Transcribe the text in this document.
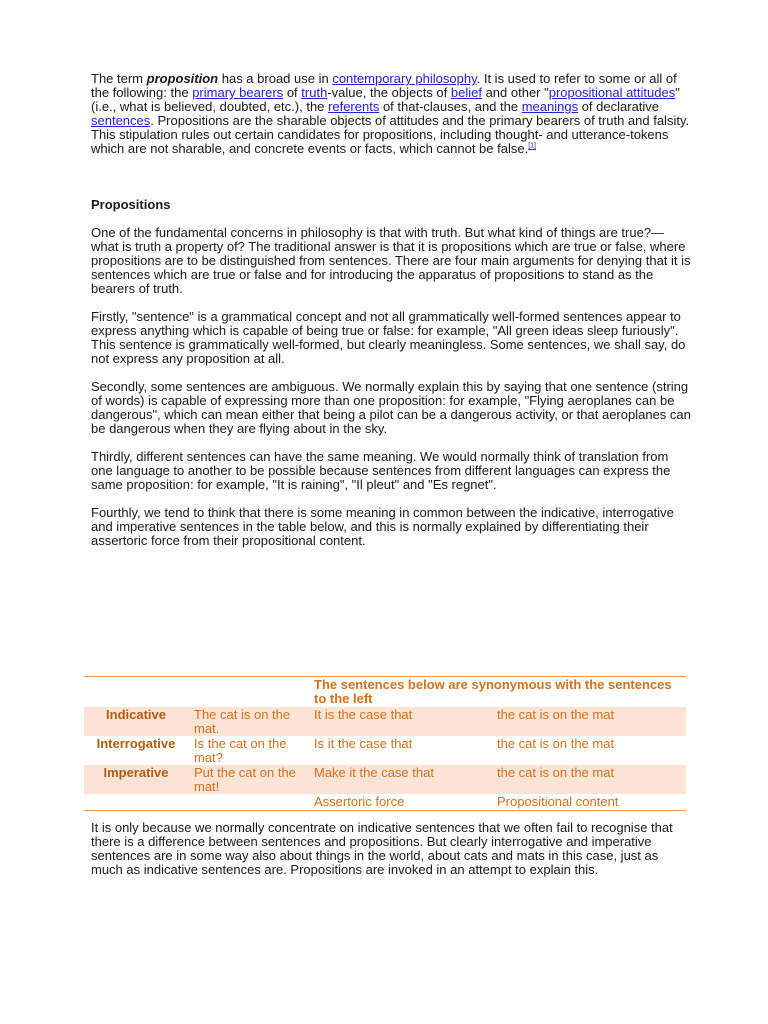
The term proposition has a broad use in contemporary philosophy. It is used to refer to some or all of the following: the primary bearers of truth-value, the objects of belief and other "propositional attitudes" (i.e., what is believed, doubted, etc.), the referents of that-clauses, and the meanings of declarative sentences. Propositions are the sharable objects of attitudes and the primary bearers of truth and falsity. This stipulation rules out certain candidates for propositions, including thought- and utterance-tokens which are not sharable, and concrete events or facts, which cannot be false.[1]

Propositions

One of the fundamental concerns in philosophy is that with truth. But what kind of things are true?—what is truth a property of? The traditional answer is that it is propositions which are true or false, where propositions are to be distinguished from sentences. There are four main arguments for denying that it is sentences which are true or false and for introducing the apparatus of propositions to stand as the bearers of truth.

Firstly, "sentence" is a grammatical concept and not all grammatically well-formed sentences appear to express anything which is capable of being true or false: for example, "All green ideas sleep furiously". This sentence is grammatically well-formed, but clearly meaningless. Some sentences, we shall say, do not express any proposition at all.

Secondly, some sentences are ambiguous. We normally explain this by saying that one sentence (string of words) is capable of expressing more than one proposition: for example, "Flying aeroplanes can be dangerous", which can mean either that being a pilot can be a dangerous activity, or that aeroplanes can be dangerous when they are flying about in the sky.

Thirdly, different sentences can have the same meaning. We would normally think of translation from one language to another to be possible because sentences from different languages can express the same proposition: for example, "It is raining", "Il pleut" and "Es regnet".

Fourthly, we tend to think that there is some meaning in common between the indicative, interrogative and imperative sentences in the table below, and this is normally explained by differentiating their assertoric force from their propositional content.

		The sentences below are synonymous with the sentences to the left	
Indicative	The cat is on the mat.	It is the case that	the cat is on the mat
Interrogative	Is the cat on the mat?	Is it the case that	the cat is on the mat
Imperative	Put the cat on the mat!	Make it the case that	the cat is on the mat
		Assertoric force	Propositional content

It is only because we normally concentrate on indicative sentences that we often fail to recognise that there is a difference between sentences and propositions. But clearly interrogative and imperative sentences are in some way also about things in the world, about cats and mats in this case, just as much as indicative sentences are. Propositions are invoked in an attempt to explain this.
